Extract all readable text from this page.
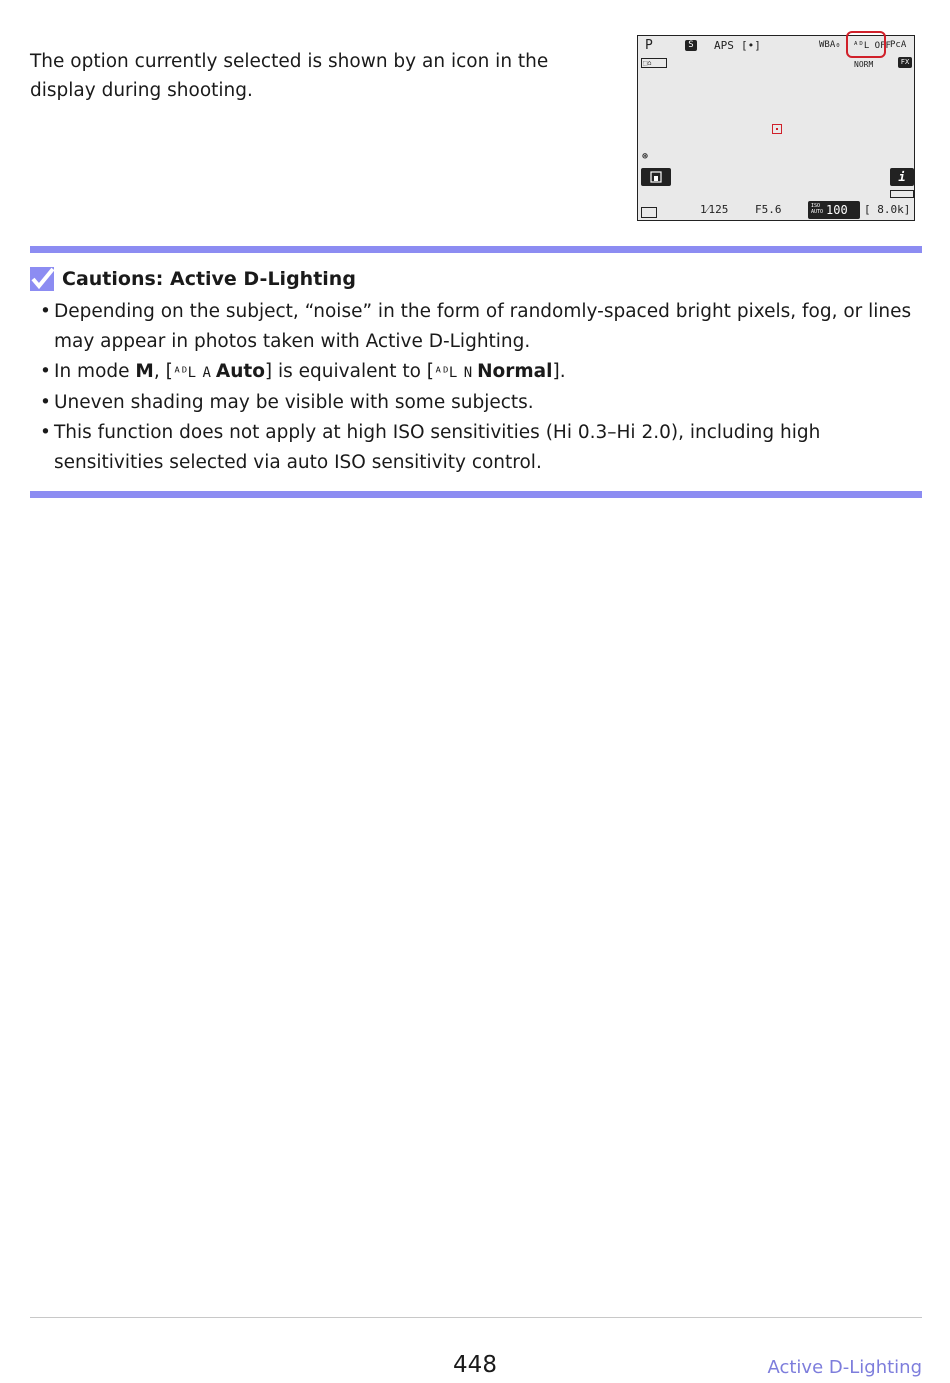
The option currently selected is shown by an icon in the display during shooting.

P	S APS [•]	WBA₀ ᴬᴰL OFF PcA
⬚⌂	NORM	FX
⊛
i
1⁄125 F5.6	ISO AUTO 100 [ 8.0k]
Cautions: Active D-Lighting
• Depending on the subject, “noise” in the form of randomly-spaced bright pixels, fog, or lines may appear in photos taken with Active D-Lighting.
• In mode M, [ᴬᴰL A Auto] is equivalent to [ᴬᴰL N Normal].
• Uneven shading may be visible with some subjects.
• This function does not apply at high ISO sensitivities (Hi 0.3–Hi 2.0), including high sensitivities selected via auto ISO sensitivity control.
448	Active D-Lighting
